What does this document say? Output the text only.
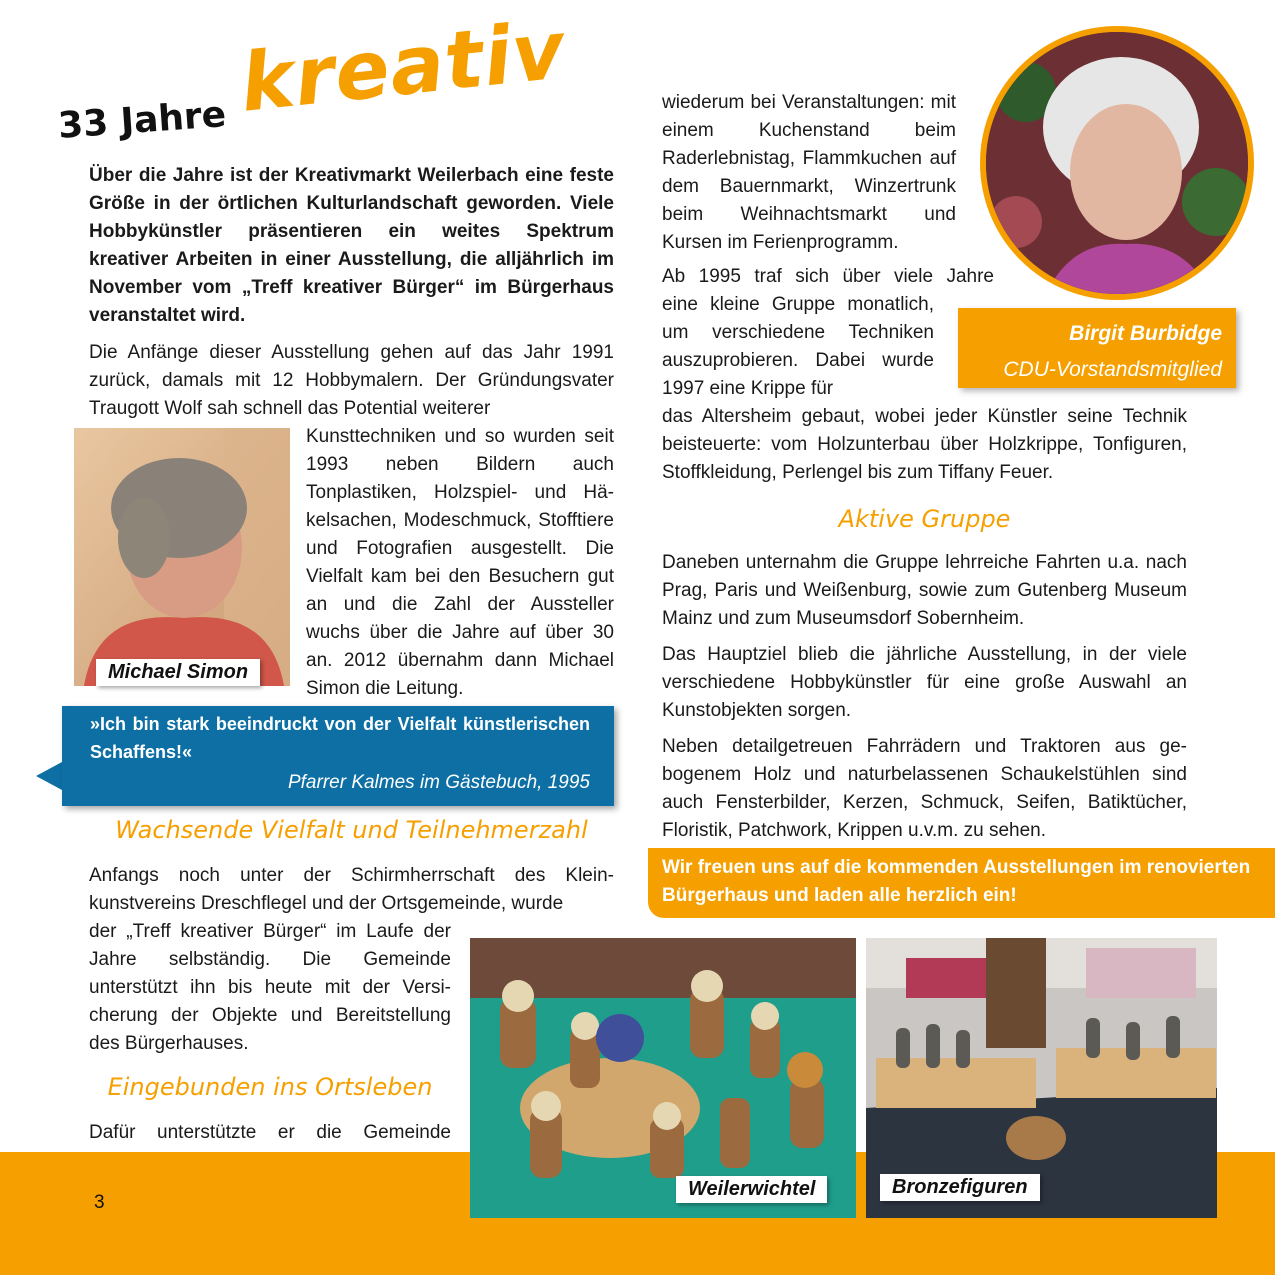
3
33 Jahre kreativ
Über die Jahre ist der Kreativmarkt Weilerbach eine feste Größe in der örtlichen Kulturlandschaft geworden. Viele Hobbykünstler präsentieren ein weites Spektrum kreativer Arbeiten in einer Ausstellung, die alljährlich im November vom „Treff kreativer Bürger“ im Bürgerhaus veranstaltet wird.
Die Anfänge dieser Ausstellung gehen auf das Jahr 1991 zurück, damals mit 12 Hobbymalern. Der Gründungsvater Traugott Wolf sah schnell das Potential weiterer
Michael Simon
Kunsttechniken und so wurden seit 1993 neben Bildern auch Tonplastiken, Holzspiel- und Häkelsachen, Modeschmuck, Stofftiere und Fotografien ausgestellt. Die Vielfalt kam bei den Besuchern gut an und die Zahl der Aussteller wuchs über die Jahre auf über 30 an. 2012 übernahm dann Michael Simon die Leitung.
»Ich bin stark beeindruckt von der Vielfalt künstlerischen Schaffens!«
Pfarrer Kalmes im Gästebuch, 1995
Wachsende Vielfalt und Teilnehmerzahl
Anfangs noch unter der Schirmherrschaft des Kleinkunstvereins Dreschflegel und der Ortsgemeinde, wurde
der „Treff kreativer Bürger“ im Laufe der Jahre selbständig. Die Gemeinde unterstützt ihn bis heute mit der Versicherung der Objekte und Bereitstellung des Bürgerhauses.
Eingebunden ins Ortsleben
Dafür unterstützte er die Gemeinde
wiederum bei Veranstaltungen: mit einem Kuchenstand beim Raderlebnistag, Flammkuchen auf dem Bauernmarkt, Winzertrunk beim Weihnachtsmarkt und Kursen im Ferienprogramm.
Ab 1995 traf sich über viele Jahre
eine kleine Gruppe monatlich, um verschiedene Techniken auszuprobieren. Dabei wurde 1997 eine Krippe für
das Altersheim gebaut, wobei jeder Künstler seine Technik beisteuerte: vom Holzunterbau über Holzkrippe, Tonfiguren, Stoffkleidung, Perlengel bis zum Tiffany Feuer.
Birgit Burbidge
CDU-Vorstandsmitglied
Aktive Gruppe
Daneben unternahm die Gruppe lehrreiche Fahrten u.a. nach Prag, Paris und Weißenburg, sowie zum Gutenberg Museum Mainz und zum Museumsdorf Sobernheim.
Das Hauptziel blieb die jährliche Ausstellung, in der viele verschiedene Hobbykünstler für eine große Auswahl an Kunstobjekten sorgen.
Neben detailgetreuen Fahrrädern und Traktoren aus gebogenem Holz und naturbelassenen Schaukelstühlen sind auch Fensterbilder, Kerzen, Schmuck, Seifen, Batiktücher, Floristik, Patchwork, Krippen u.v.m. zu sehen.
Wir freuen uns auf die kommenden Ausstellungen im renovierten Bürgerhaus und laden alle herzlich ein!
Weilerwichtel	Bronzefiguren
